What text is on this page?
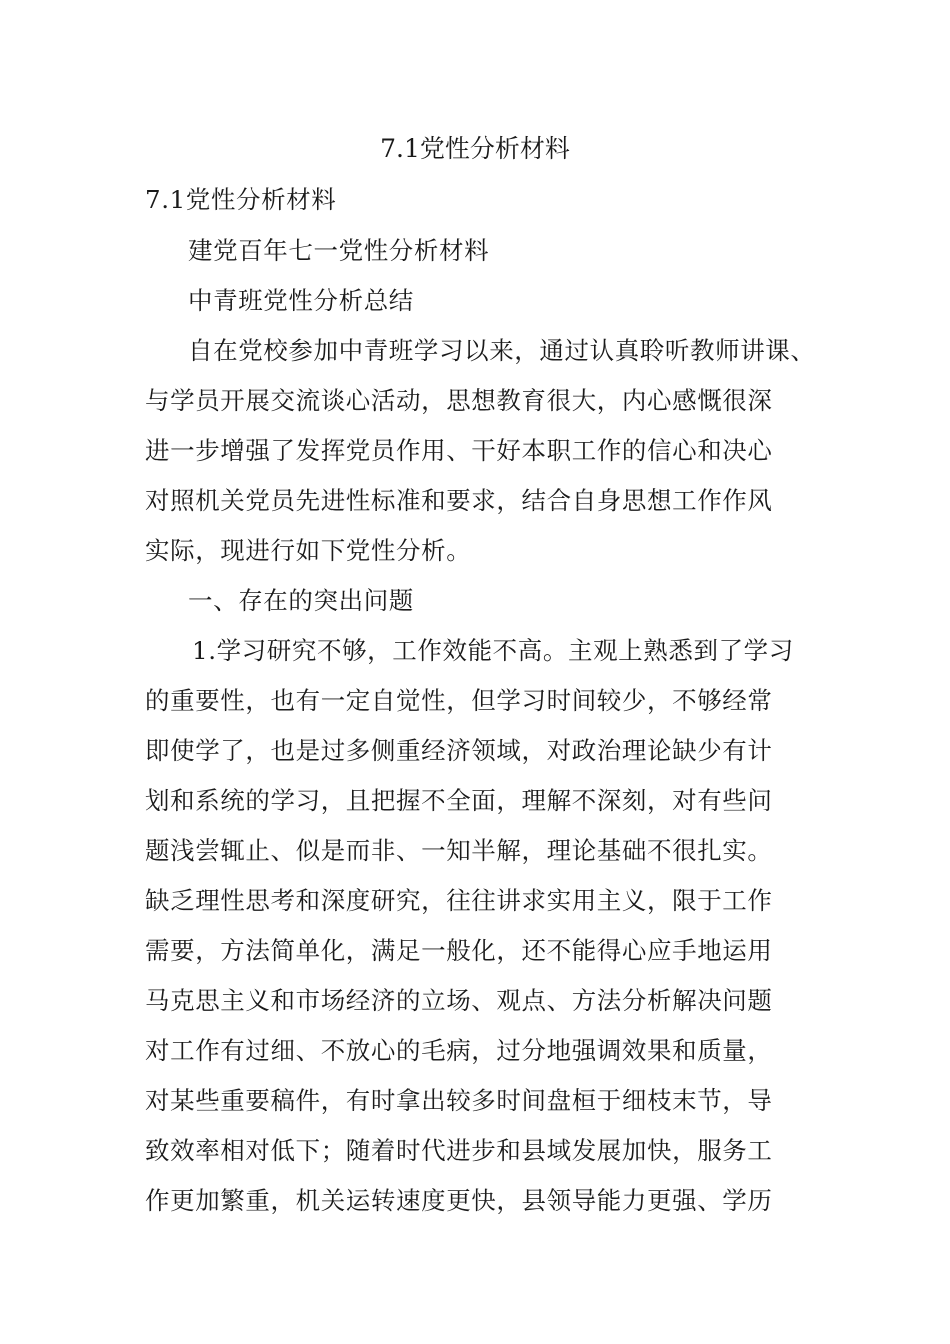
7.1党性分析材料
7.1党性分析材料
建党百年七一党性分析材料
中青班党性分析总结
自在党校参加中青班学习以来，通过认真聆听教师讲课、
与学员开展交流谈心活动，思想教育很大，内心感慨很深
进一步增强了发挥党员作用、干好本职工作的信心和决心
对照机关党员先进性标准和要求，结合自身思想工作作风
实际，现进行如下党性分析。
一、存在的突出问题
1.学习研究不够，工作效能不高。主观上熟悉到了学习
的重要性，也有一定自觉性，但学习时间较少，不够经常
即使学了，也是过多侧重经济领域，对政治理论缺少有计
划和系统的学习，且把握不全面，理解不深刻，对有些问
题浅尝辄止、似是而非、一知半解，理论基础不很扎实。
缺乏理性思考和深度研究，往往讲求实用主义，限于工作
需要，方法简单化，满足一般化，还不能得心应手地运用
马克思主义和市场经济的立场、观点、方法分析解决问题
对工作有过细、不放心的毛病，过分地强调效果和质量，
对某些重要稿件，有时拿出较多时间盘桓于细枝末节，导
致效率相对低下；随着时代进步和县域发展加快，服务工
作更加繁重，机关运转速度更快，县领导能力更强、学历
